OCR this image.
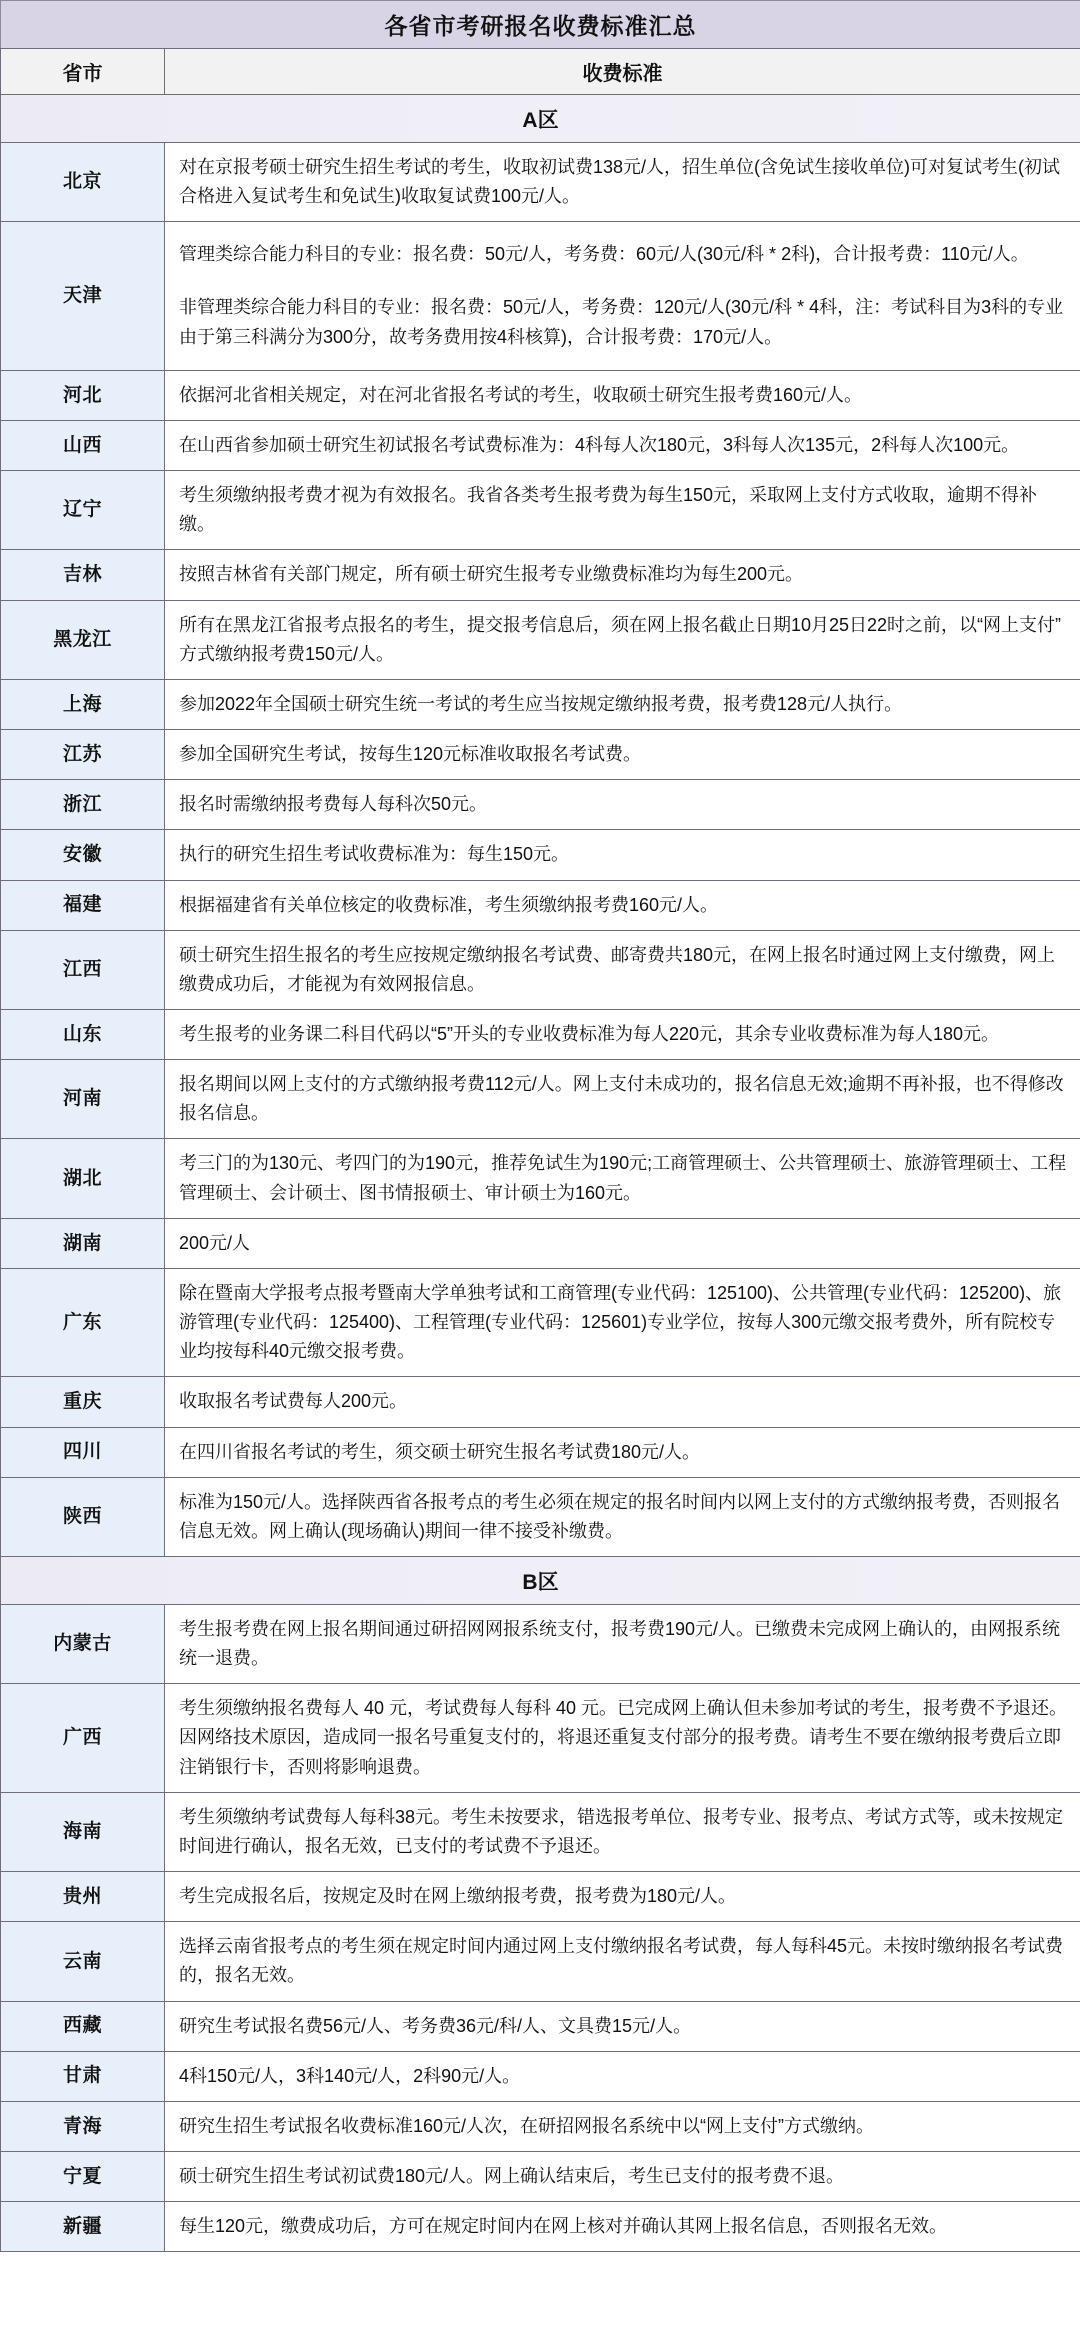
各省市考研报名收费标准汇总	
省市	收费标准
A区	
北京	对在京报考硕士研究生招生考试的考生，收取初试费138元/人，招生单位(含免试生接收单位)可对复试考生(初试合格进入复试考生和免试生)收取复试费100元/人。

天津	管理类综合能力科目的专业：报名费：50元/人，考务费：60元/人(30元/科 * 2科)，合计报考费：110元/人。

非管理类综合能力科目的专业：报名费：50元/人，考务费：120元/人(30元/科 * 4科，注：考试科目为3科的专业由于第三科满分为300分，故考务费用按4科核算)，合计报考费：170元/人。

河北	依据河北省相关规定，对在河北省报名考试的考生，收取硕士研究生报考费160元/人。

山西	在山西省参加硕士研究生初试报名考试费标准为：4科每人次180元，3科每人次135元，2科每人次100元。

辽宁	考生须缴纳报考费才视为有效报名。我省各类考生报考费为每生150元，采取网上支付方式收取，逾期不得补缴。

吉林	按照吉林省有关部门规定，所有硕士研究生报考专业缴费标准均为每生200元。

黑龙江	所有在黑龙江省报考点报名的考生，提交报考信息后，须在网上报名截止日期10月25日22时之前，以“网上支付”方式缴纳报考费150元/人。

上海	参加2022年全国硕士研究生统一考试的考生应当按规定缴纳报考费，报考费128元/人执行。

江苏	参加全国研究生考试，按每生120元标准收取报名考试费。

浙江	报名时需缴纳报考费每人每科次50元。

安徽	执行的研究生招生考试收费标准为：每生150元。

福建	根据福建省有关单位核定的收费标准，考生须缴纳报考费160元/人。

江西	硕士研究生招生报名的考生应按规定缴纳报名考试费、邮寄费共180元，在网上报名时通过网上支付缴费，网上缴费成功后，才能视为有效网报信息。

山东	考生报考的业务课二科目代码以“5”开头的专业收费标准为每人220元，其余专业收费标准为每人180元。

河南	报名期间以网上支付的方式缴纳报考费112元/人。网上支付未成功的，报名信息无效;逾期不再补报，也不得修改报名信息。

湖北	考三门的为130元、考四门的为190元，推荐免试生为190元;工商管理硕士、公共管理硕士、旅游管理硕士、工程管理硕士、会计硕士、图书情报硕士、审计硕士为160元。

湖南	200元/人

广东	除在暨南大学报考点报考暨南大学单独考试和工商管理(专业代码：125100)、公共管理(专业代码：125200)、旅游管理(专业代码：125400)、工程管理(专业代码：125601)专业学位，按每人300元缴交报考费外，所有院校专业均按每科40元缴交报考费。

重庆	收取报名考试费每人200元。

四川	在四川省报名考试的考生，须交硕士研究生报名考试费180元/人。

陕西	标准为150元/人。选择陕西省各报考点的考生必须在规定的报名时间内以网上支付的方式缴纳报考费，否则报名信息无效。网上确认(现场确认)期间一律不接受补缴费。

B区	
内蒙古	考生报考费在网上报名期间通过研招网网报系统支付，报考费190元/人。已缴费未完成网上确认的，由网报系统统一退费。

广西	考生须缴纳报名费每人 40 元，考试费每人每科 40 元。已完成网上确认但未参加考试的考生，报考费不予退还。因网络技术原因，造成同一报名号重复支付的，将退还重复支付部分的报考费。请考生不要在缴纳报考费后立即注销银行卡，否则将影响退费。

海南	考生须缴纳考试费每人每科38元。考生未按要求，错选报考单位、报考专业、报考点、考试方式等，或未按规定时间进行确认，报名无效，已支付的考试费不予退还。

贵州	考生完成报名后，按规定及时在网上缴纳报考费，报考费为180元/人。

云南	选择云南省报考点的考生须在规定时间内通过网上支付缴纳报名考试费，每人每科45元。未按时缴纳报名考试费的，报名无效。

西藏	研究生考试报名费56元/人、考务费36元/科/人、文具费15元/人。

甘肃	4科150元/人，3科140元/人，2科90元/人。

青海	研究生招生考试报名收费标准160元/人次，在研招网报名系统中以“网上支付”方式缴纳。

宁夏	硕士研究生招生考试初试费180元/人。网上确认结束后，考生已支付的报考费不退。

新疆	每生120元，缴费成功后，方可在规定时间内在网上核对并确认其网上报名信息，否则报名无效。
